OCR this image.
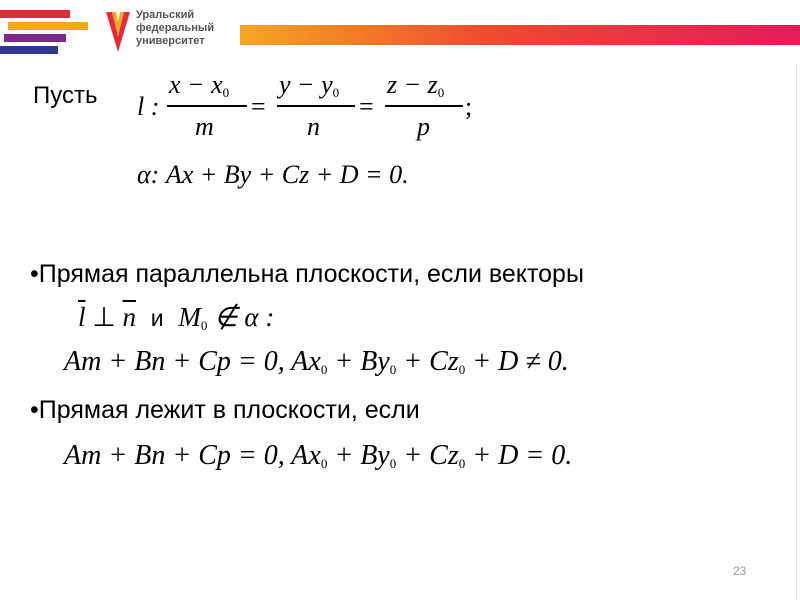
Уральский
федеральный
университет
Пусть l :
$x - x_0$
m
=
$y - y_0$
n
=
$z - z_0$
p
;
α: Ax + By + Cz + D = 0.
•Прямая параллельна плоскости, если векторы
$\overline{l}$ ⊥ $\overline{n}$ и $M_0$ ∉ α :
Am + Bn + Cp = 0, $Ax_0 + By_0 + Cz_0 + D \ne 0$.
•Прямая лежит в плоскости, если
Am + Bn + Cp = 0, $Ax_0 + By_0 + Cz_0 + D = 0$.
23
